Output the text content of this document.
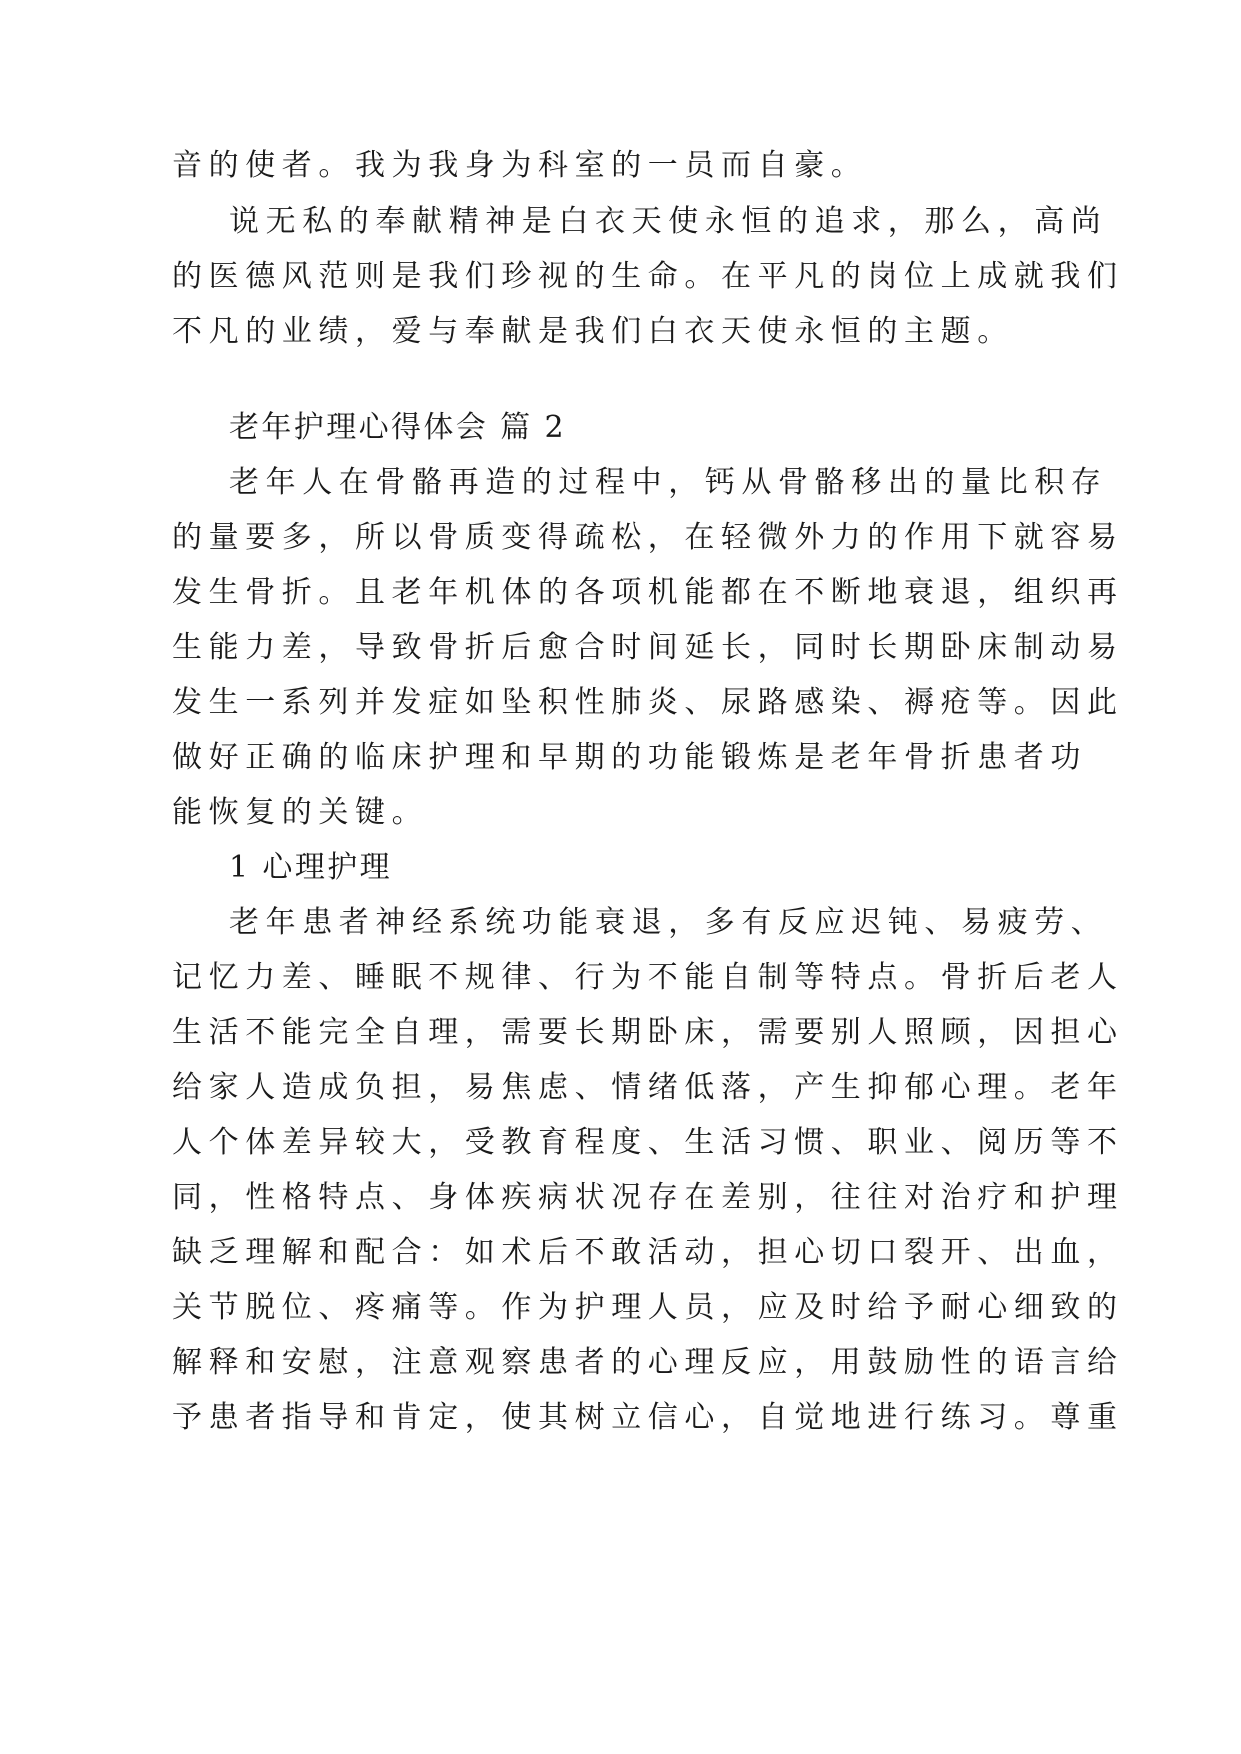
音的使者。我为我身为科室的一员而自豪。
说无私的奉献精神是白衣天使永恒的追求，那么，高尚
的医德风范则是我们珍视的生命。在平凡的岗位上成就我们
不凡的业绩，爱与奉献是我们白衣天使永恒的主题。
老年护理心得体会 篇 2
老年人在骨骼再造的过程中，钙从骨骼移出的量比积存
的量要多，所以骨质变得疏松，在轻微外力的作用下就容易
发生骨折。且老年机体的各项机能都在不断地衰退，组织再
生能力差，导致骨折后愈合时间延长，同时长期卧床制动易
发生一系列并发症如坠积性肺炎、尿路感染、褥疮等。因此
做好正确的临床护理和早期的功能锻炼是老年骨折患者功
能恢复的关键。
1 心理护理
老年患者神经系统功能衰退，多有反应迟钝、易疲劳、
记忆力差、睡眠不规律、行为不能自制等特点。骨折后老人
生活不能完全自理，需要长期卧床，需要别人照顾，因担心
给家人造成负担，易焦虑、情绪低落，产生抑郁心理。老年
人个体差异较大，受教育程度、生活习惯、职业、阅历等不
同，性格特点、身体疾病状况存在差别，往往对治疗和护理
缺乏理解和配合：如术后不敢活动，担心切口裂开、出血，
关节脱位、疼痛等。作为护理人员，应及时给予耐心细致的
解释和安慰，注意观察患者的心理反应，用鼓励性的语言给
予患者指导和肯定，使其树立信心，自觉地进行练习。尊重
